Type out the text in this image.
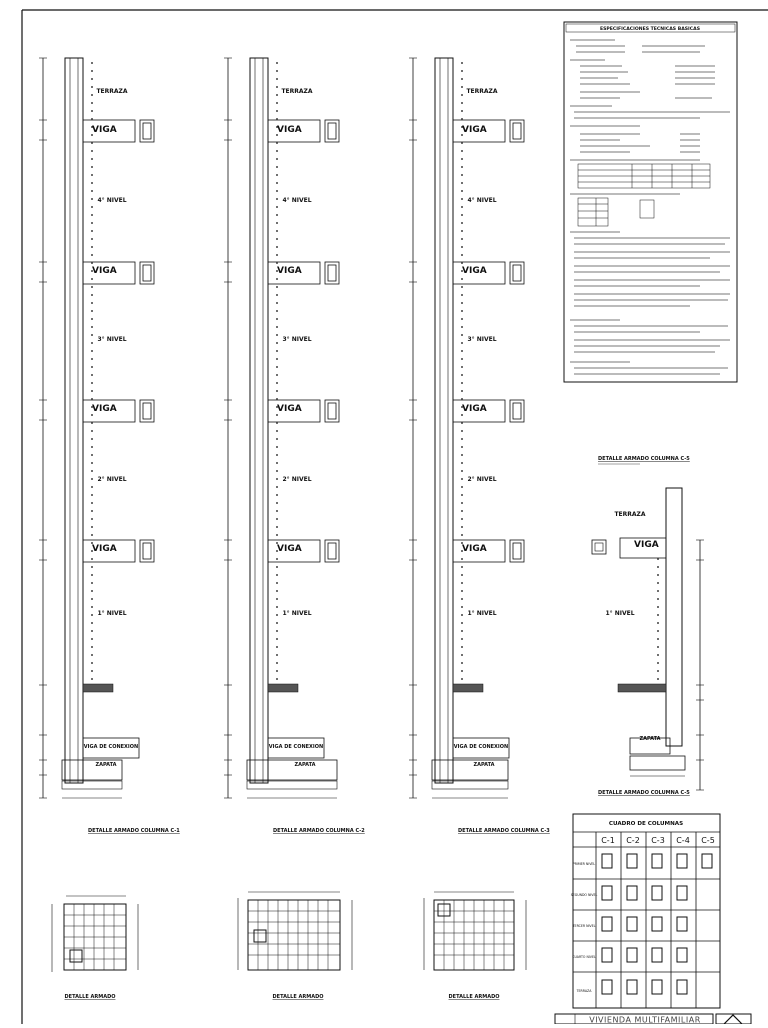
TERRAZA
VIGA
4° NIVEL
VIGA
3° NIVEL
VIGA
2° NIVEL
VIGA
1° NIVEL
VIGA DE CONEXION
ZAPATA
DETALLE ARMADO COLUMNA C-1
TERRAZA
VIGA
4° NIVEL
VIGA
3° NIVEL
VIGA
2° NIVEL
VIGA
1° NIVEL
VIGA DE CONEXION
ZAPATA
DETALLE ARMADO COLUMNA C-2
TERRAZA
VIGA
4° NIVEL
VIGA
3° NIVEL
VIGA
2° NIVEL
VIGA
1° NIVEL
VIGA DE CONEXION
ZAPATA
DETALLE ARMADO COLUMNA C-3
ESPECIFICACIONES TECNICAS BASICAS
DETALLE ARMADO COLUMNA C-5
TERRAZA
VIGA
1° NIVEL
ZAPATA
DETALLE ARMADO COLUMNA C-5
DETALLE ARMADO	DETALLE ARMADO	DETALLE ARMADO
CUADRO DE COLUMNAS
C-1 C-2 C-3 C-4 C-5
PRIMER NIVEL
SEGUNDO NIVEL
TERCER NIVEL
CUARTO NIVEL
TERRAZA
VIVIENDA MULTIFAMILIAR
